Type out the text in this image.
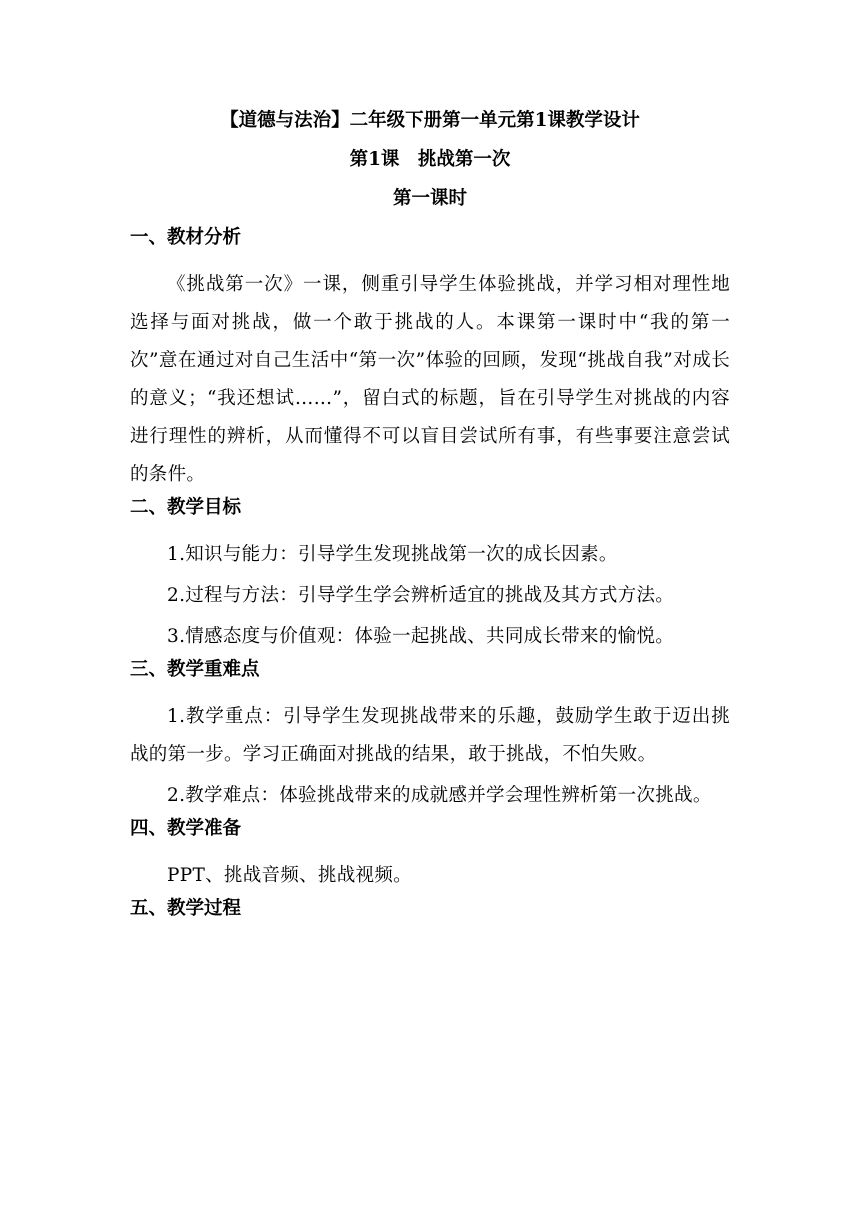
【道德与法治】二年级下册第一单元第1课教学设计
第1课　挑战第一次
第一课时
一、教材分析

《挑战第一次》一课，侧重引导学生体验挑战，并学习相对理性地选择与面对挑战，做一个敢于挑战的人。本课第一课时中“我的第一次”意在通过对自己生活中“第一次”体验的回顾，发现“挑战自我”对成长的意义；“我还想试……”，留白式的标题，旨在引导学生对挑战的内容进行理性的辨析，从而懂得不可以盲目尝试所有事，有些事要注意尝试的条件。

二、教学目标

1.知识与能力：引导学生发现挑战第一次的成长因素。

2.过程与方法：引导学生学会辨析适宜的挑战及其方式方法。

3.情感态度与价值观：体验一起挑战、共同成长带来的愉悦。

三、教学重难点

1.教学重点：引导学生发现挑战带来的乐趣，鼓励学生敢于迈出挑战的第一步。学习正确面对挑战的结果，敢于挑战，不怕失败。

2.教学难点：体验挑战带来的成就感并学会理性辨析第一次挑战。

四、教学准备

PPT、挑战音频、挑战视频。

五、教学过程
